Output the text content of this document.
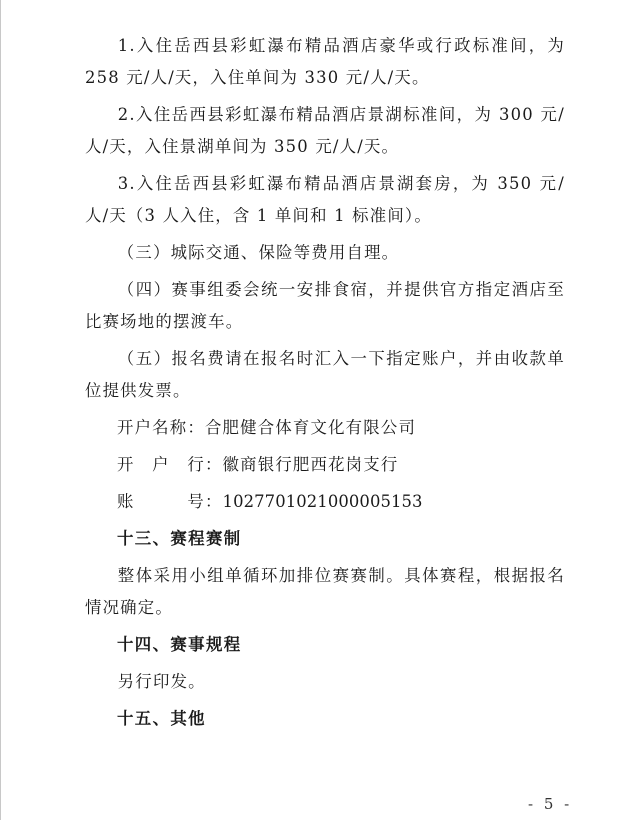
1.入住岳西县彩虹瀑布精品酒店豪华或行政标准间，为 258 元/人/天，入住单间为 330 元/人/天。

2.入住岳西县彩虹瀑布精品酒店景湖标准间，为 300 元/人/天，入住景湖单间为 350 元/人/天。

3.入住岳西县彩虹瀑布精品酒店景湖套房，为 350 元/人/天（3 人入住，含 1 单间和 1 标准间）。

（三）城际交通、保险等费用自理。

（四）赛事组委会统一安排食宿，并提供官方指定酒店至比赛场地的摆渡车。

（五）报名费请在报名时汇入一下指定账户，并由收款单位提供发票。

开户名称：合肥健合体育文化有限公司
开　户　行：徽商银行肥西花岗支行
账　　　号：1027701021000005153
十三、赛程赛制

整体采用小组单循环加排位赛赛制。具体赛程，根据报名情况确定。

十四、赛事规程

另行印发。

十五、其他
- 5 -
